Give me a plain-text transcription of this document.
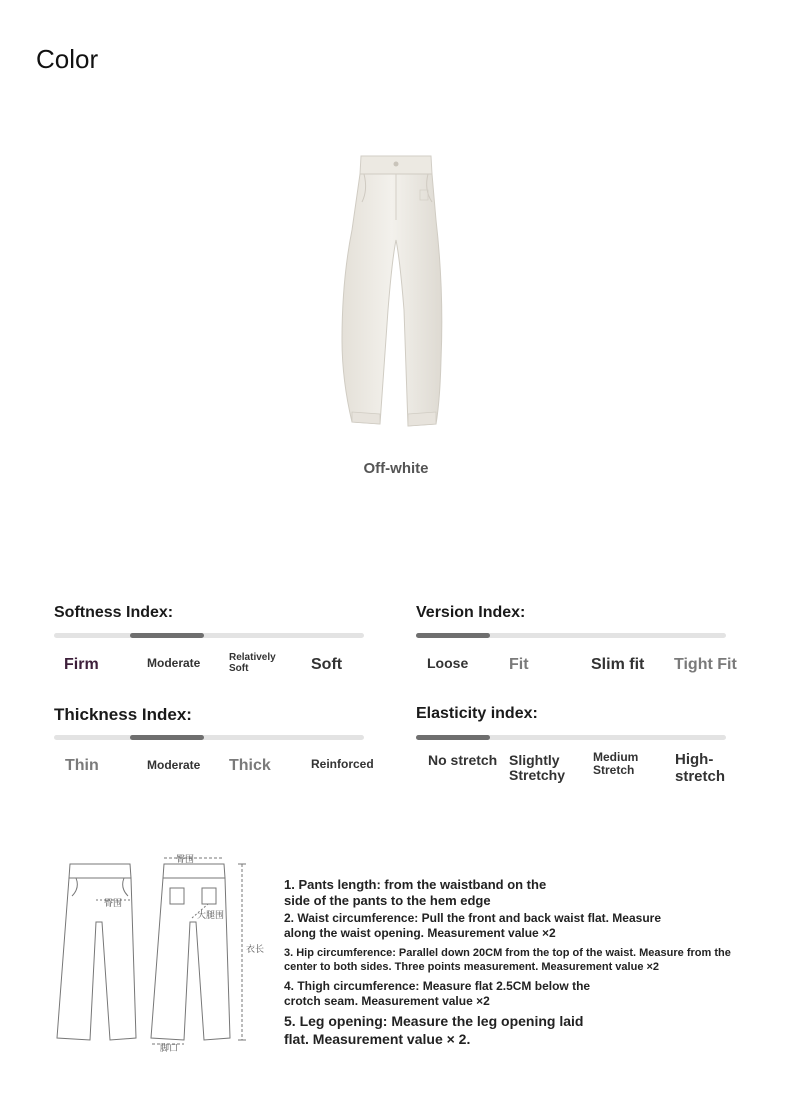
Color
Off-white
Softness Index:
Firm	Moderate	Relatively Soft	Soft
Version Index:
Loose	Fit	Slim fit Tight Fit
Thickness Index:
Thin	Moderate Thick	Reinforced
Elasticity index:
No stretch Slightly Stretchy
Medium Stretch
High-stretch
臀围
臀围
大腿围
衣长
脚口
1. Pants length: from the waistband on the side of the pants to the hem edge
2. Waist circumference: Pull the front and back waist flat. Measure along the waist opening. Measurement value ×2
3. Hip circumference: Parallel down 20CM from the top of the waist. Measure from the center to both sides. Three points measurement. Measurement value ×2
4. Thigh circumference: Measure flat 2.5CM below the crotch seam. Measurement value ×2
5. Leg opening: Measure the leg opening laid flat. Measurement value × 2.
